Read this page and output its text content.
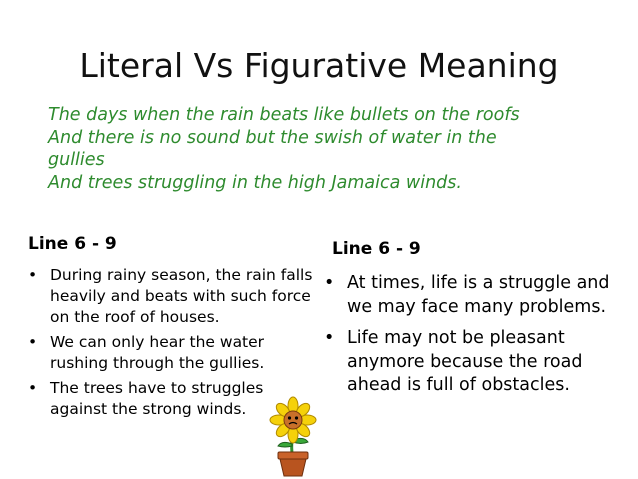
Literal Vs Figurative Meaning
The days when the rain beats like bullets on the roofs
And there is no sound but the swish of water in the
gullies
And trees struggling in the high Jamaica winds.
Line 6 - 9
• During rainy season, the rain falls heavily and beats with such force on the roof of houses.
• We can only hear the water rushing through the gullies.
• The trees have to struggles against the strong winds.
Line 6 - 9
• At times, life is a struggle and we may face many problems.
• Life may not be pleasant anymore because the road ahead is full of obstacles.
